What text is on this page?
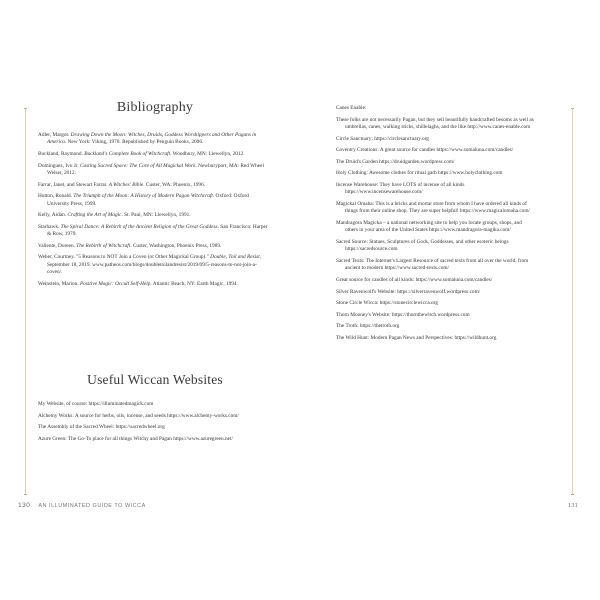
Bibliography
Adler, Margot. Drawing Down the Moon: Witches, Druids, Goddess Worshippers and Other Pagans in America. New York: Viking, 1970. Republished by Penguin Books, 2006.
Buckland, Raymond. Buckland's Complete Book of Witchcraft. Woodbury, MN: Llewellyn, 2012.
Dominguez, Ivo Jr. Casting Sacred Space: The Core of All Magickal Work. Newburyport, MA: Red Wheel Weiser, 2012.
Farrar, Janet, and Stewart Farrar. A Witches' Bible. Custer, WA: Phoenix, 1996.
Hutton, Ronald. The Triumph of the Moon: A History of Modern Pagan Witchcraft. Oxford: Oxford University Press, 1999.
Kelly, Aidan. Crafting the Art of Magic. St. Paul, MN: Llewellyn, 1991.
Starhawk. The Spiral Dance: A Rebirth of the Ancient Religion of the Great Goddess. San Francisco: Harper & Row, 1979.
Valiente, Doreen. The Rebirth of Witchcraft. Custer, Washington, Phoenix Press, 1989.
Weber, Courtney. "5 Reasons to NOT Join a Coven (or Other Magickal Group)." Double, Toil and Resist, September 18, 2019. www.patheos.com/blogs/doubletoilandresist/2019/09/5-reasons-to-not-join-a-coven/.
Weinstein, Marion. Positive Magic: Occult Self-Help. Atlantic Beach, NY: Earth Magic, 1994.
Useful Wiccan Websites
My Website, of course: https://illuminatedmagick.com
Alchemy Works: A source for herbs, oils, incense, and seeds https://www.alchemy-works.com/
The Assembly of the Sacred Wheel: https://sacredwheel.org
Azure Green: The Go-To place for all things Witchy and Pagan https://www.azuregreen.net/
130 AN ILLUMINATED GUIDE TO WICCA
Canes Enable:
These folks are not necessarily Pagan, but they sell beautifully handcrafted besoms as well as umbrellas, canes, walking sticks, shillelaghs, and the like http://www.canes-enable.com
Circle Sanctuary: https://circlesanctuary.org
Coventry Creations: A great source for candles https://www.somaluna.com/candles/
The Druid's Garden https://druidgarden.wordpress.com/
Holy Clothing: Awesome clothes for ritual garb https://www.holyclothing.com
Incense Warehouse: They have LOTS of incense of all kinds https://www.incensewarehouse.com/
Magickal Omaha: This is a bricks and mortar store from whom I have ordered all kinds of things from their online shop. They are super helpful! https://www.magicalomaha.com/
Mandragora Magicka – a national networking site to help you locate groups, shops, and others in your area of the United States https://www.mandragora-magika.com/
Sacred Source: Statues, Sculptures of Gods, Goddesses, and other esoteric beings https://sacredsource.com
Sacred Texts: The Internet's Largest Resource of sacred texts from all over the world, from ancient to modern https://www.sacred-texts.com/
Great source for candles of all kinds: https://www.somaluna.com/candles/
Silver Ravenwolf's Website: https://silverravenwolf.wordpress.com/
Stone Circle Wicca: https://stonecirclewicca.org
Thorn Mooney's Website: https://thornthewitch.wordpress.com
The Troth: https://thetroth.org
The Wild Hunt: Modern Pagan News and Perspectives: https://wildhunt.org
131
